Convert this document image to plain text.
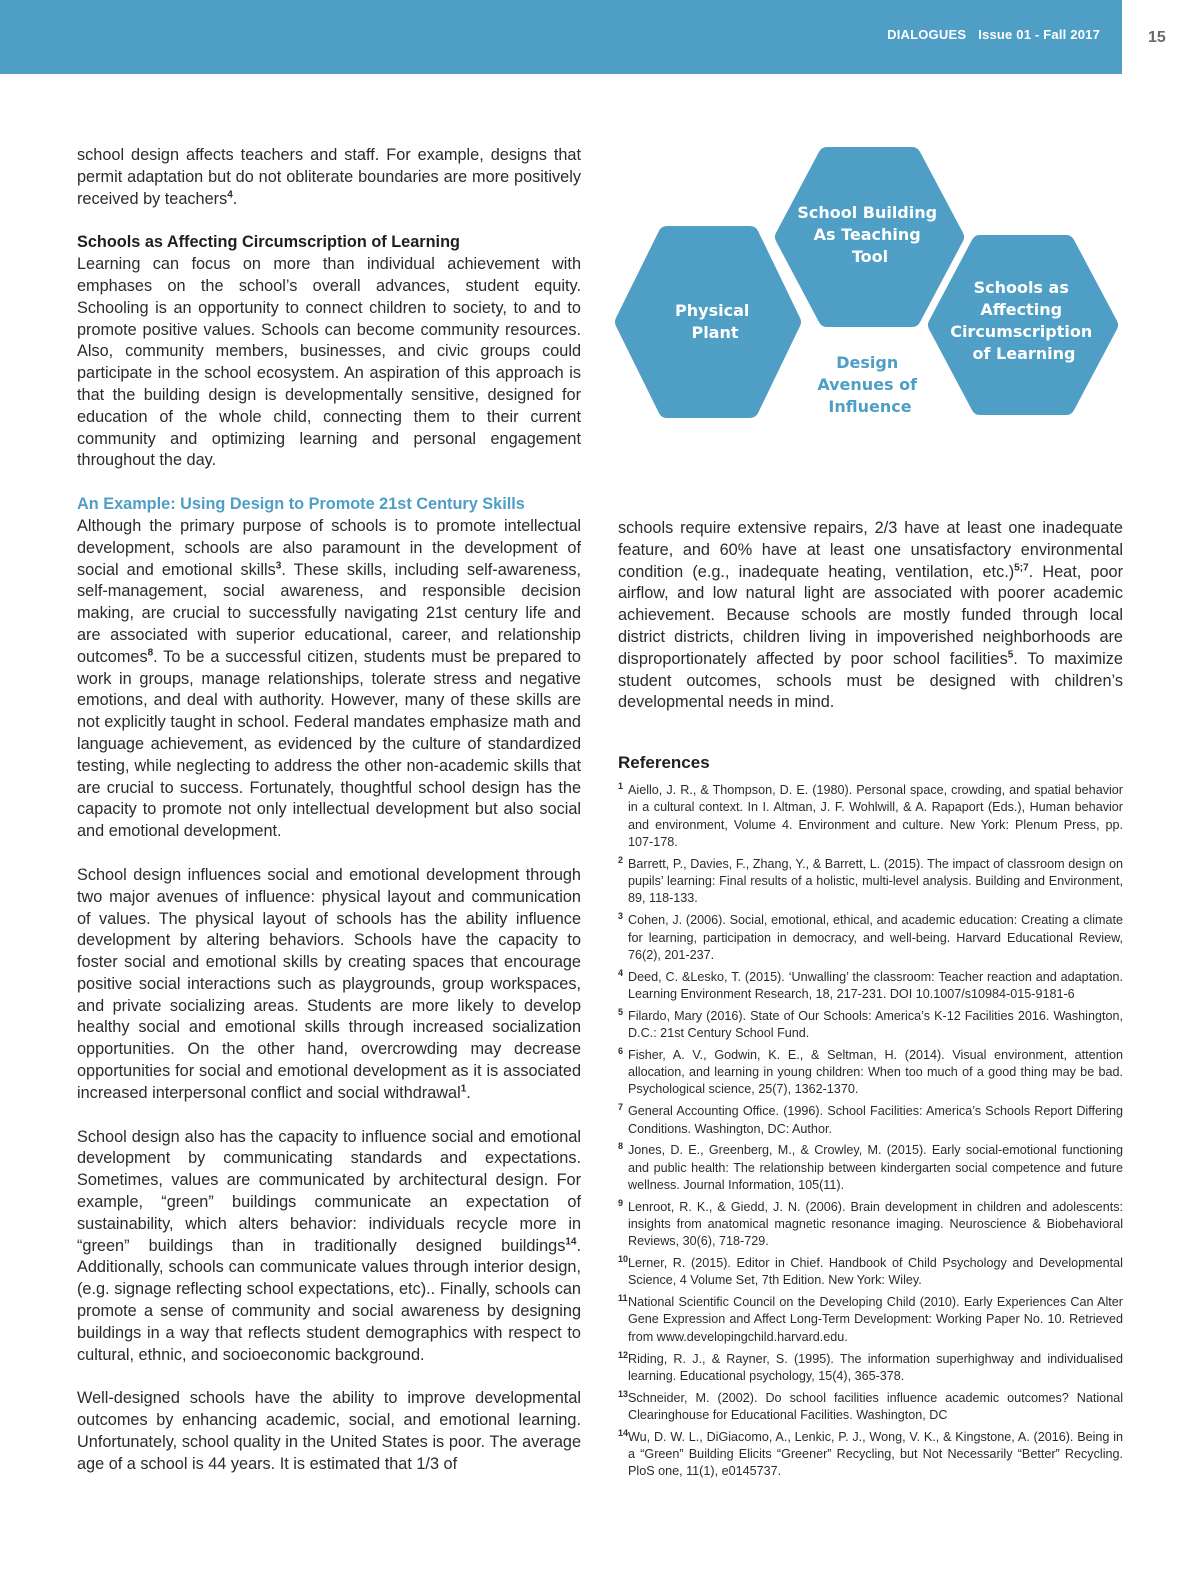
DIALOGUES Issue 01 - Fall 2017	15

school design affects teachers and staff. For example, designs that permit adaptation but do not obliterate boundaries are more positively received by teachers$^4$.

Schools as Affecting Circumscription of Learning

Learning can focus on more than individual achievement with emphases on the school’s overall advances, student equity. Schooling is an opportunity to connect children to society, to and to promote positive values. Schools can become community resources. Also, community members, businesses, and civic groups could participate in the school ecosystem. An aspiration of this approach is that the building design is developmentally sensitive, designed for education of the whole child, connecting them to their current community and optimizing learning and personal engagement throughout the day.

An Example: Using Design to Promote 21st Century Skills

Although the primary purpose of schools is to promote intellectual development, schools are also paramount in the development of social and emotional skills$^3$. These skills, including self-awareness, self-management, social awareness, and responsible decision making, are crucial to successfully navigating 21st century life and are associated with superior educational, career, and relationship outcomes$^8$. To be a successful citizen, students must be prepared to work in groups, manage relationships, tolerate stress and negative emotions, and deal with authority. However, many of these skills are not explicitly taught in school. Federal mandates emphasize math and language achievement, as evidenced by the culture of standardized testing, while neglecting to address the other non-academic skills that are crucial to success. Fortunately, thoughtful school design has the capacity to promote not only intellectual development but also social and emotional development.

School design influences social and emotional development through two major avenues of influence: physical layout and communication of values. The physical layout of schools has the ability influence development by altering behaviors. Schools have the capacity to foster social and emotional skills by creating spaces that encourage positive social interactions such as playgrounds, group workspaces, and private socializing areas. Students are more likely to develop healthy social and emotional skills through increased socialization opportunities. On the other hand, overcrowding may decrease opportunities for social and emotional development as it is associated increased interpersonal conflict and social withdrawal$^1$.

School design also has the capacity to influence social and emotional development by communicating standards and expectations. Sometimes, values are communicated by architectural design. For example, “green” buildings communicate an expectation of sustainability, which alters behavior: individuals recycle more in “green” buildings than in traditionally designed buildings$^{14}$. Additionally, schools can communicate values through interior design, (e.g. signage reflecting school expectations, etc).. Finally, schools can promote a sense of community and social awareness by designing buildings in a way that reflects student demographics with respect to cultural, ethnic, and socioeconomic background.

Well-designed schools have the ability to improve developmental outcomes by enhancing academic, social, and emotional learning. Unfortunately, school quality in the United States is poor. The average age of a school is 44 years. It is estimated that 1/3 of

Physical Plant
School Building As Teaching Tool
Schools as Affecting Circumscription of Learning
Design Avenues of Influence

schools require extensive repairs, 2/3 have at least one inadequate feature, and 60% have at least one unsatisfactory environmental condition (e.g., inadequate heating, ventilation, etc.)$^{5;7}$. Heat, poor airflow, and low natural light are associated with poorer academic achievement. Because schools are mostly funded through local district districts, children living in impoverished neighborhoods are disproportionately affected by poor school facilities$^5$. To maximize student outcomes, schools must be designed with children’s developmental needs in mind.

References

1 Aiello, J. R., & Thompson, D. E. (1980). Personal space, crowding, and spatial behavior in a cultural context. In I. Altman, J. F. Wohlwill, & A. Rapaport (Eds.), Human behavior and environment, Volume 4. Environment and culture. New York: Plenum Press, pp. 107-178.

2 Barrett, P., Davies, F., Zhang, Y., & Barrett, L. (2015). The impact of classroom design on pupils’ learning: Final results of a holistic, multi-level analysis. Building and Environment, 89, 118-133.

3 Cohen, J. (2006). Social, emotional, ethical, and academic education: Creating a climate for learning, participation in democracy, and well-being. Harvard Educational Review, 76(2), 201-237.

4 Deed, C. &Lesko, T. (2015). ‘Unwalling’ the classroom: Teacher reaction and adaptation. Learning Environment Research, 18, 217-231. DOI 10.1007/s10984-015-9181-6

5 Filardo, Mary (2016). State of Our Schools: America’s K-12 Facilities 2016. Washington, D.C.: 21st Century School Fund.

6 Fisher, A. V., Godwin, K. E., & Seltman, H. (2014). Visual environment, attention allocation, and learning in young children: When too much of a good thing may be bad. Psychological science, 25(7), 1362-1370.

7 General Accounting Office. (1996). School Facilities: America’s Schools Report Differing Conditions. Washington, DC: Author.

8 Jones, D. E., Greenberg, M., & Crowley, M. (2015). Early social-emotional functioning and public health: The relationship between kindergarten social competence and future wellness. Journal Information, 105(11).

9 Lenroot, R. K., & Giedd, J. N. (2006). Brain development in children and adolescents: insights from anatomical magnetic resonance imaging. Neuroscience & Biobehavioral Reviews, 30(6), 718-729.

10 Lerner, R. (2015). Editor in Chief. Handbook of Child Psychology and Developmental Science, 4 Volume Set, 7th Edition. New York: Wiley.

11 National Scientific Council on the Developing Child (2010). Early Experiences Can Alter Gene Expression and Affect Long-Term Development: Working Paper No. 10. Retrieved from www.developingchild.harvard.edu.

12 Riding, R. J., & Rayner, S. (1995). The information superhighway and individualised learning. Educational psychology, 15(4), 365-378.

13 Schneider, M. (2002). Do school facilities influence academic outcomes? National Clearinghouse for Educational Facilities. Washington, DC

14 Wu, D. W. L., DiGiacomo, A., Lenkic, P. J., Wong, V. K., & Kingstone, A. (2016). Being in a “Green” Building Elicits “Greener” Recycling, but Not Necessarily “Better” Recycling. PloS one, 11(1), e0145737.
